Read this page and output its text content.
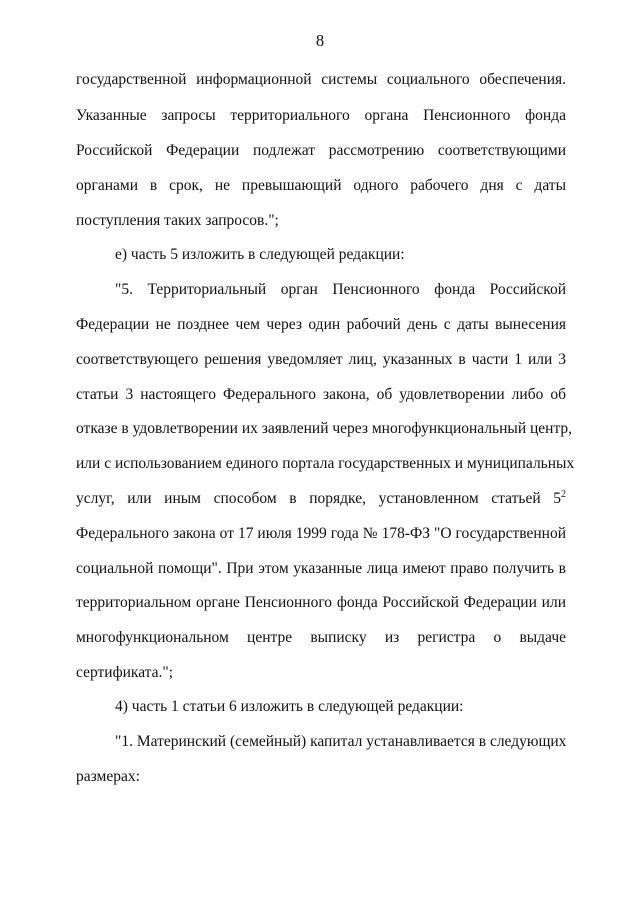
8
государственной информационной системы социального обеспечения.
Указанные запросы территориального органа Пенсионного фонда
Российской Федерации подлежат рассмотрению соответствующими
органами в срок, не превышающий одного рабочего дня с даты
поступления таких запросов.";
е) часть 5 изложить в следующей редакции:
"5. Территориальный орган Пенсионного фонда Российской
Федерации не позднее чем через один рабочий день с даты вынесения
соответствующего решения уведомляет лиц, указанных в части 1 или 3
статьи 3 настоящего Федерального закона, об удовлетворении либо об
отказе в удовлетворении их заявлений через многофункциональный центр,
или с использованием единого портала государственных и муниципальных
услуг, или иным способом в порядке, установленном статьей $5^2$
Федерального закона от 17 июля 1999 года № 178-ФЗ "О государственной
социальной помощи". При этом указанные лица имеют право получить в
территориальном органе Пенсионного фонда Российской Федерации или
многофункциональном центре выписку из регистра о выдаче
сертификата.";
4) часть 1 статьи 6 изложить в следующей редакции:
"1. Материнский (семейный) капитал устанавливается в следующих
размерах:
